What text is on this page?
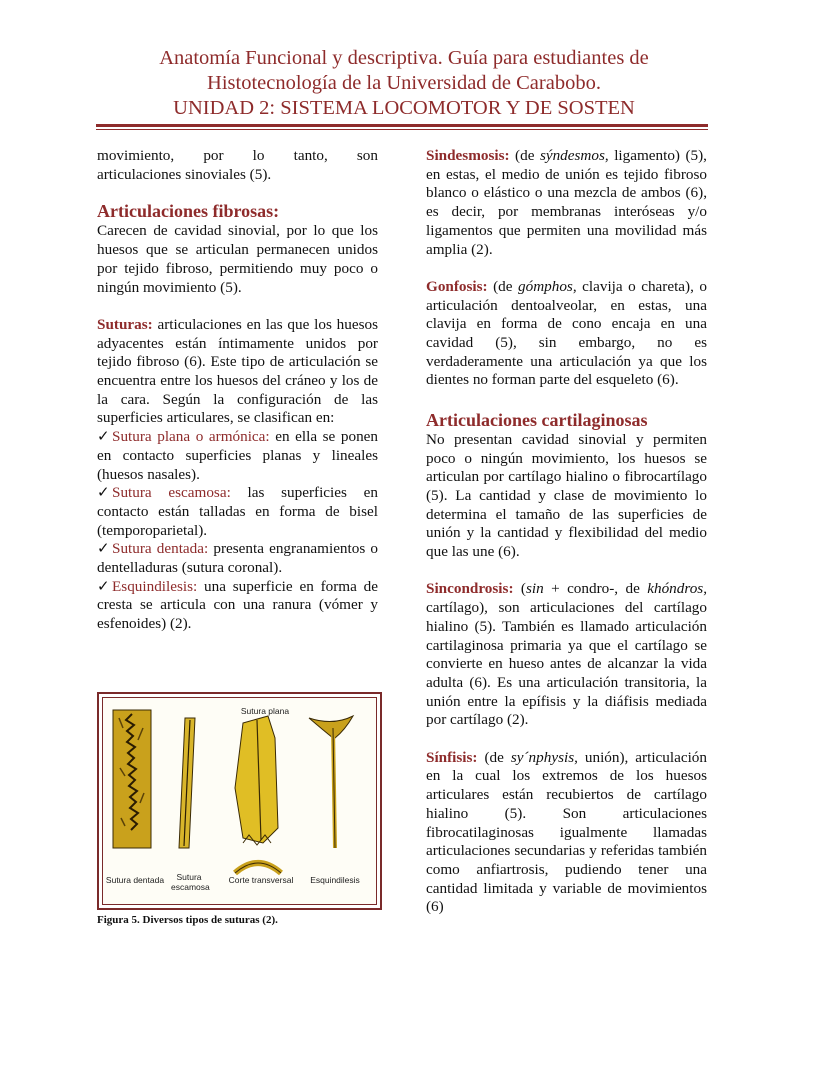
Anatomía Funcional y descriptiva. Guía para estudiantes de
Histotecnología de la Universidad de Carabobo.
UNIDAD 2: SISTEMA LOCOMOTOR Y DE SOSTEN

movimiento, por lo tanto, son

articulaciones sinoviales (5).

Articulaciones fibrosas:

Carecen de cavidad sinovial, por lo que los huesos que se articulan permanecen unidos por tejido fibroso, permitiendo muy poco o ningún movimiento (5).

Suturas: articulaciones en las que los huesos adyacentes están íntimamente unidos por tejido fibroso (6). Este tipo de articulación se encuentra entre los huesos del cráneo y los de la cara. Según la configuración de las superficies articulares, se clasifican en:

✓ Sutura plana o armónica: en ella se ponen en contacto superficies planas y lineales (huesos nasales).

✓ Sutura escamosa: las superficies en contacto están talladas en forma de bisel (temporoparietal).

✓ Sutura dentada: presenta engranamientos o dentelladuras (sutura coronal).

✓ Esquindilesis: una superficie en forma de cresta se articula con una ranura (vómer y esfenoides) (2).

Sutura plana
Sutura dentada	Sutura escamosa
Corte transversal	Esquindilesis
Figura 5. Diversos tipos de suturas (2).

Sindesmosis: (de sýndesmos, ligamento) (5), en estas, el medio de unión es tejido fibroso blanco o elástico o una mezcla de ambos (6), es decir, por membranas interóseas y/o ligamentos que permiten una movilidad más amplia (2).

Gonfosis: (de gómphos, clavija o chareta), o articulación dentoalveolar, en estas, una clavija en forma de cono encaja en una cavidad (5), sin embargo, no es verdaderamente una articulación ya que los dientes no forman parte del esqueleto (6).

Articulaciones cartilaginosas

No presentan cavidad sinovial y permiten poco o ningún movimiento, los huesos se articulan por cartílago hialino o fibrocartílago (5). La cantidad y clase de movimiento lo determina el tamaño de las superficies de unión y la cantidad y flexibilidad del medio que las une (6).

Sincondrosis: (sin + condro-, de khóndros, cartílago), son articulaciones del cartílago hialino (5). También es llamado articulación cartilaginosa primaria ya que el cartílago se convierte en hueso antes de alcanzar la vida adulta (6). Es una articulación transitoria, la unión entre la epífisis y la diáfisis mediada por cartílago (2).

Sínfisis: (de sy´nphysis, unión), articulación en la cual los extremos de los huesos articulares están recubiertos de cartílago hialino (5). Son articulaciones fibrocatilaginosas igualmente llamadas articulaciones secundarias y referidas también como anfiartrosis, pudiendo tener una cantidad limitada y variable de movimientos (6)
